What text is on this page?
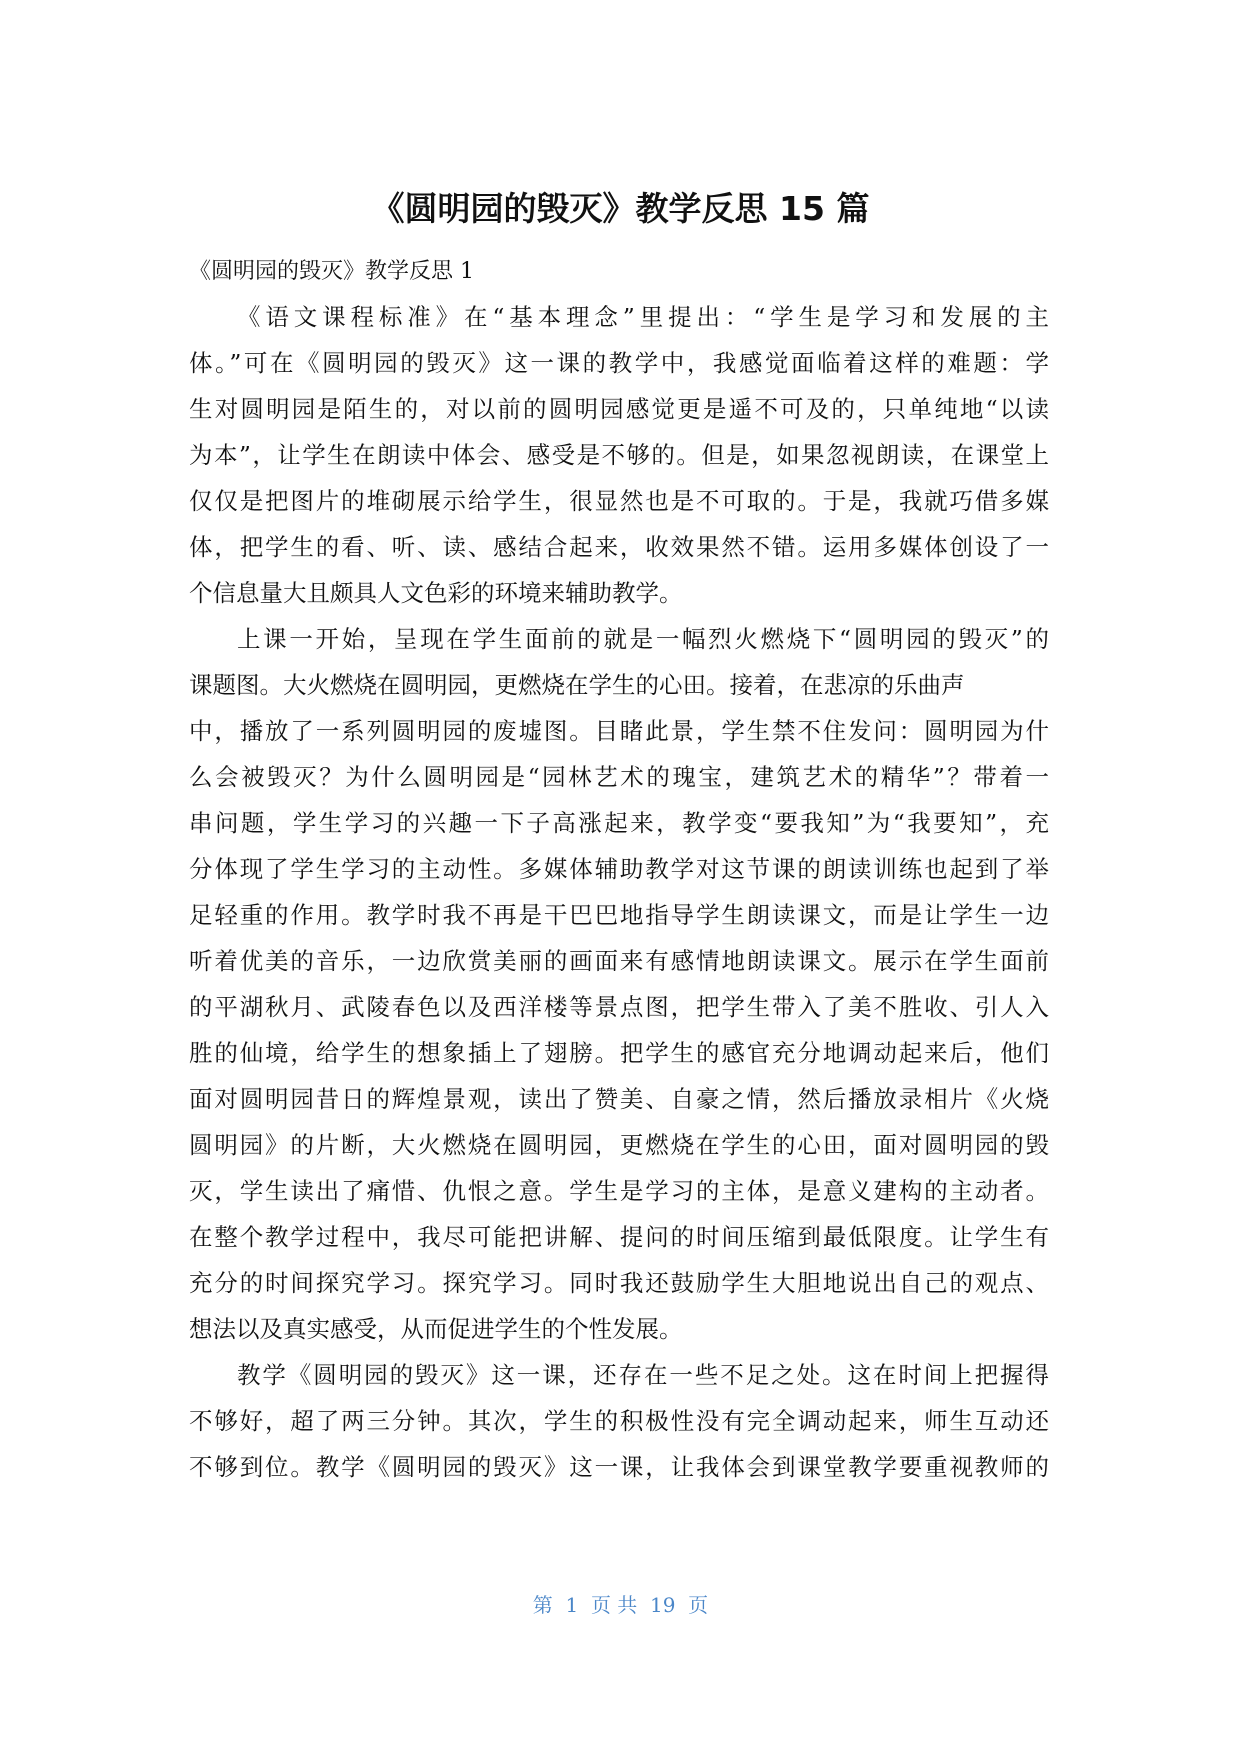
《圆明园的毁灭》教学反思 15 篇
《圆明园的毁灭》教学反思 1
《语文课程标准》在“基本理念”里提出：“学生是学习和发展的主
体。”可在《圆明园的毁灭》这一课的教学中，我感觉面临着这样的难题：学
生对圆明园是陌生的，对以前的圆明园感觉更是遥不可及的，只单纯地“以读
为本”，让学生在朗读中体会、感受是不够的。但是，如果忽视朗读，在课堂上
仅仅是把图片的堆砌展示给学生，很显然也是不可取的。于是，我就巧借多媒
体，把学生的看、听、读、感结合起来，收效果然不错。运用多媒体创设了一
个信息量大且颇具人文色彩的环境来辅助教学。
上课一开始，呈现在学生面前的就是一幅烈火燃烧下“圆明园的毁灭”的
课题图。大火燃烧在圆明园，更燃烧在学生的心田。接着，在悲凉的乐曲声
中，播放了一系列圆明园的废墟图。目睹此景，学生禁不住发问：圆明园为什
么会被毁灭？为什么圆明园是“园林艺术的瑰宝，建筑艺术的精华”？带着一
串问题，学生学习的兴趣一下子高涨起来，教学变“要我知”为“我要知”，充
分体现了学生学习的主动性。多媒体辅助教学对这节课的朗读训练也起到了举
足轻重的作用。教学时我不再是干巴巴地指导学生朗读课文，而是让学生一边
听着优美的音乐，一边欣赏美丽的画面来有感情地朗读课文。展示在学生面前
的平湖秋月、武陵春色以及西洋楼等景点图，把学生带入了美不胜收、引人入
胜的仙境，给学生的想象插上了翅膀。把学生的感官充分地调动起来后，他们
面对圆明园昔日的辉煌景观，读出了赞美、自豪之情，然后播放录相片《火烧
圆明园》的片断，大火燃烧在圆明园，更燃烧在学生的心田，面对圆明园的毁
灭，学生读出了痛惜、仇恨之意。学生是学习的主体，是意义建构的主动者。
在整个教学过程中，我尽可能把讲解、提问的时间压缩到最低限度。让学生有
充分的时间探究学习。探究学习。同时我还鼓励学生大胆地说出自己的观点、
想法以及真实感受，从而促进学生的个性发展。
教学《圆明园的毁灭》这一课，还存在一些不足之处。这在时间上把握得
不够好，超了两三分钟。其次，学生的积极性没有完全调动起来，师生互动还
不够到位。教学《圆明园的毁灭》这一课，让我体会到课堂教学要重视教师的
第  1  页 共  19  页
